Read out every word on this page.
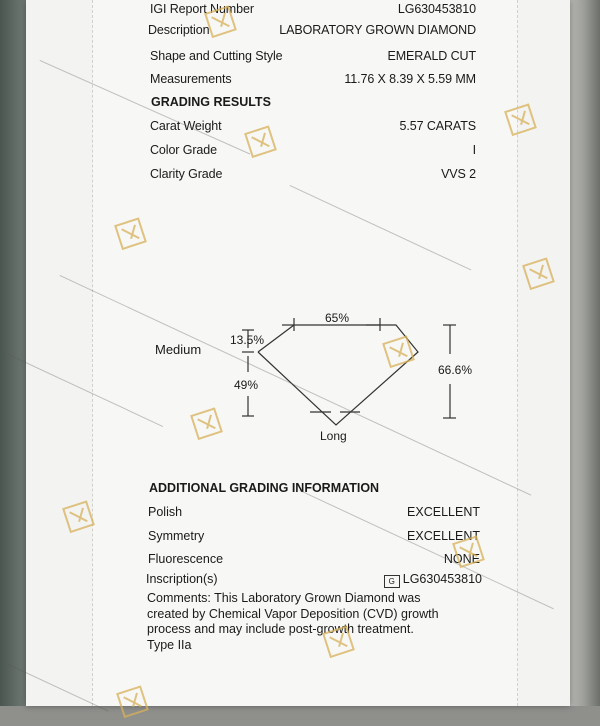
IGI Report Number	LG630453810
Description	LABORATORY GROWN DIAMOND
Shape and Cutting Style	EMERALD CUT
Measurements	11.76 X 8.39 X 5.59 MM
GRADING RESULTS
Carat Weight	5.57 CARATS
Color Grade	I
Clarity Grade	VVS 2
65%
13.5%
Medium
49%
66.6%
Long
ADDITIONAL GRADING INFORMATION
Polish	EXCELLENT
Symmetry	EXCELLENT
Fluorescence	NONE
Inscription(s)	G LG630453810
Comments: This Laboratory Grown Diamond was
created by Chemical Vapor Deposition (CVD) growth
process and may include post-growth treatment.
Type IIa
